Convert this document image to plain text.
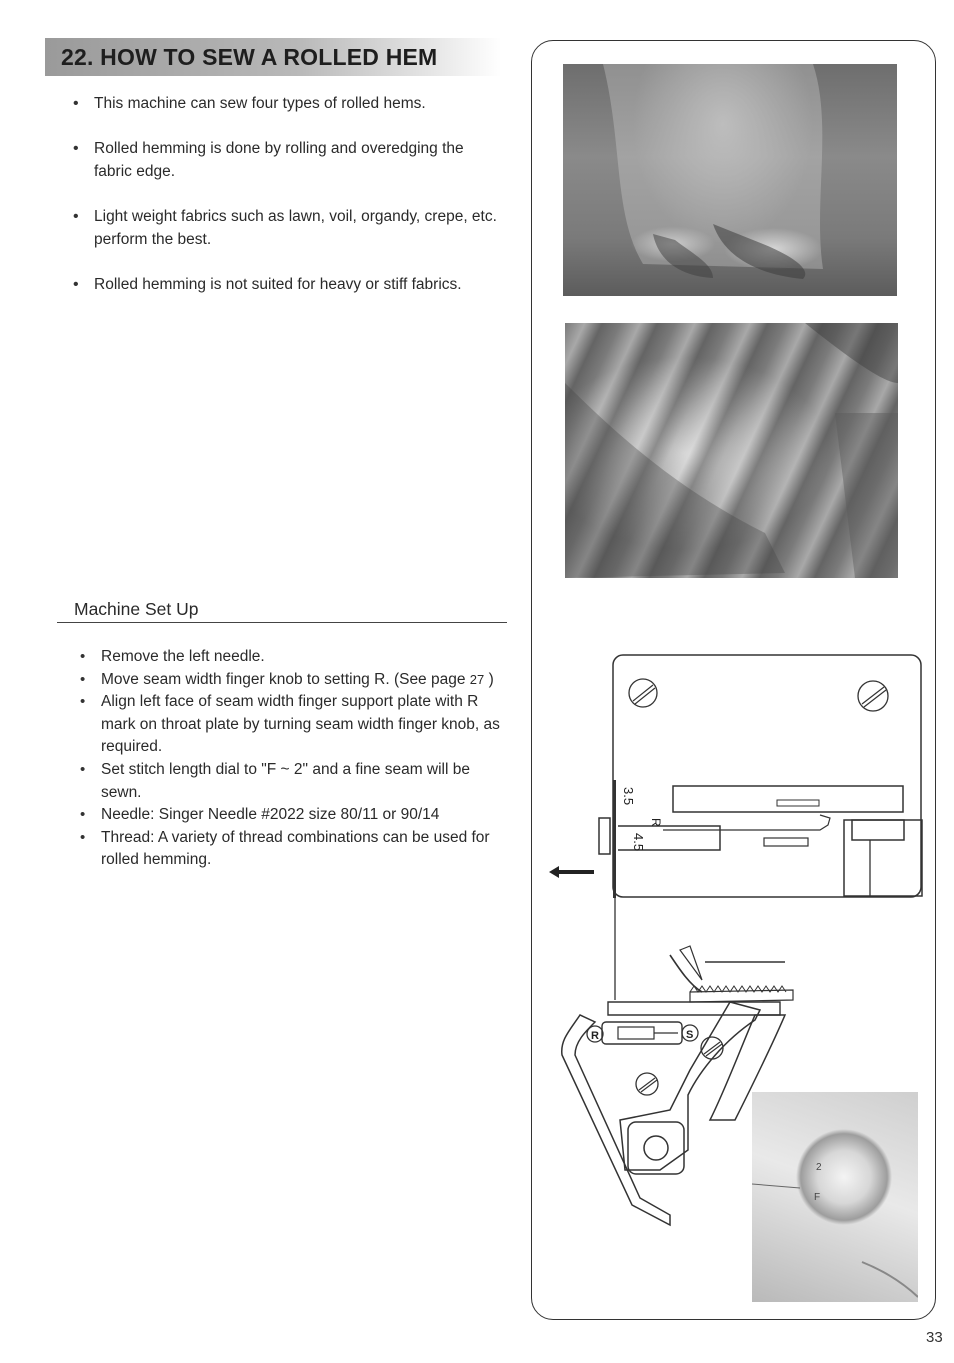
22. HOW TO SEW A ROLLED HEM
• This machine can sew four types of rolled hems.
• Rolled hemming is done by rolling and overedging the fabric edge.
• Light weight fabrics such as lawn, voil, organdy, crepe, etc. perform the best.
• Rolled hemming is not suited for heavy or stiff fabrics.
Machine Set Up
• Remove the left needle.
• Move seam width finger knob to setting R. (See page 27 )
• Align left face of seam width finger support plate with R mark on throat plate by turning seam width finger knob, as required.
• Set stitch length dial to "F ~ 2" and a fine seam will be sewn.
• Needle: Singer Needle #2022 size 80/11 or 90/14
• Thread: A variety of thread combinations can be used for rolled hemming.
3.5
R
4.5
R	S
2
F
33
